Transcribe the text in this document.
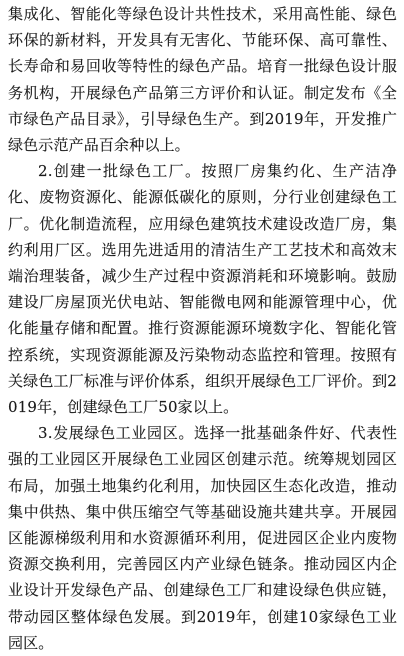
集成化、智能化等绿色设计共性技术，采用高性能、绿色环保的新材料，开发具有无害化、节能环保、高可靠性、长寿命和易回收等特性的绿色产品。培育一批绿色设计服务机构，开展绿色产品第三方评价和认证。制定发布《全市绿色产品目录》，引导绿色生产。到2019年，开发推广绿色示范产品百余种以上。

2.创建一批绿色工厂。按照厂房集约化、生产洁净化、废物资源化、能源低碳化的原则，分行业创建绿色工厂。优化制造流程，应用绿色建筑技术建设改造厂房，集约利用厂区。选用先进适用的清洁生产工艺技术和高效末端治理装备，减少生产过程中资源消耗和环境影响。鼓励建设厂房屋顶光伏电站、智能微电网和能源管理中心，优化能量存储和配置。推行资源能源环境数字化、智能化管控系统，实现资源能源及污染物动态监控和管理。按照有关绿色工厂标准与评价体系，组织开展绿色工厂评价。到2019年，创建绿色工厂50家以上。

3.发展绿色工业园区。选择一批基础条件好、代表性强的工业园区开展绿色工业园区创建示范。统筹规划园区布局，加强土地集约化利用，加快园区生态化改造，推动集中供热、集中供压缩空气等基础设施共建共享。开展园区能源梯级利用和水资源循环利用，促进园区企业内废物资源交换利用，完善园区内产业绿色链条。推动园区内企业设计开发绿色产品、创建绿色工厂和建设绿色供应链，带动园区整体绿色发展。到2019年，创建10家绿色工业园区。
